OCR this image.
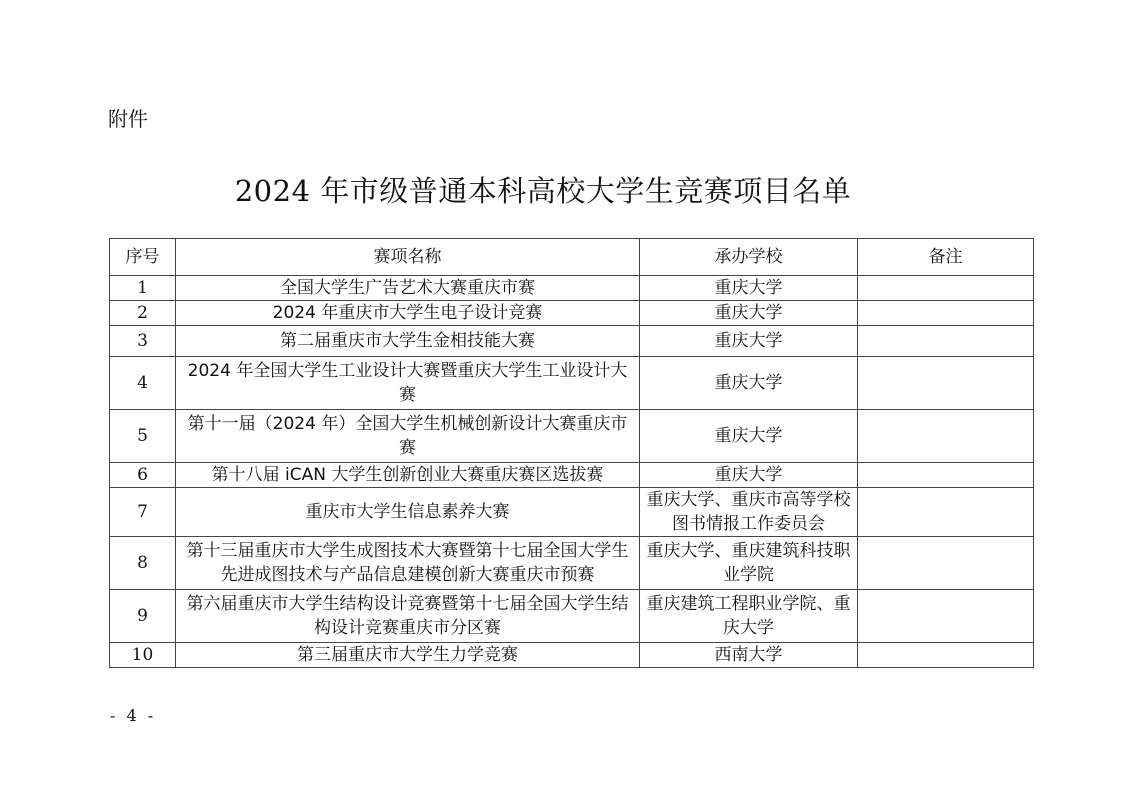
附件
2024 年市级普通本科高校大学生竞赛项目名单
序号	赛项名称	承办学校	备注
1	全国大学生广告艺术大赛重庆市赛	重庆大学	
2	2024 年重庆市大学生电子设计竞赛	重庆大学	
3	第二届重庆市大学生金相技能大赛	重庆大学	
4	2024 年全国大学生工业设计大赛暨重庆大学生工业设计大赛	重庆大学	
5	第十一届（2024 年）全国大学生机械创新设计大赛重庆市赛	重庆大学	
6	第十八届 iCAN 大学生创新创业大赛重庆赛区选拔赛	重庆大学	
7	重庆市大学生信息素养大赛	重庆大学、重庆市高等学校图书情报工作委员会	
8	第十三届重庆市大学生成图技术大赛暨第十七届全国大学生先进成图技术与产品信息建模创新大赛重庆市预赛	重庆大学、重庆建筑科技职业学院	
9	第六届重庆市大学生结构设计竞赛暨第十七届全国大学生结构设计竞赛重庆市分区赛	重庆建筑工程职业学院、重庆大学	
10	第三届重庆市大学生力学竞赛	西南大学	
- 4 -
